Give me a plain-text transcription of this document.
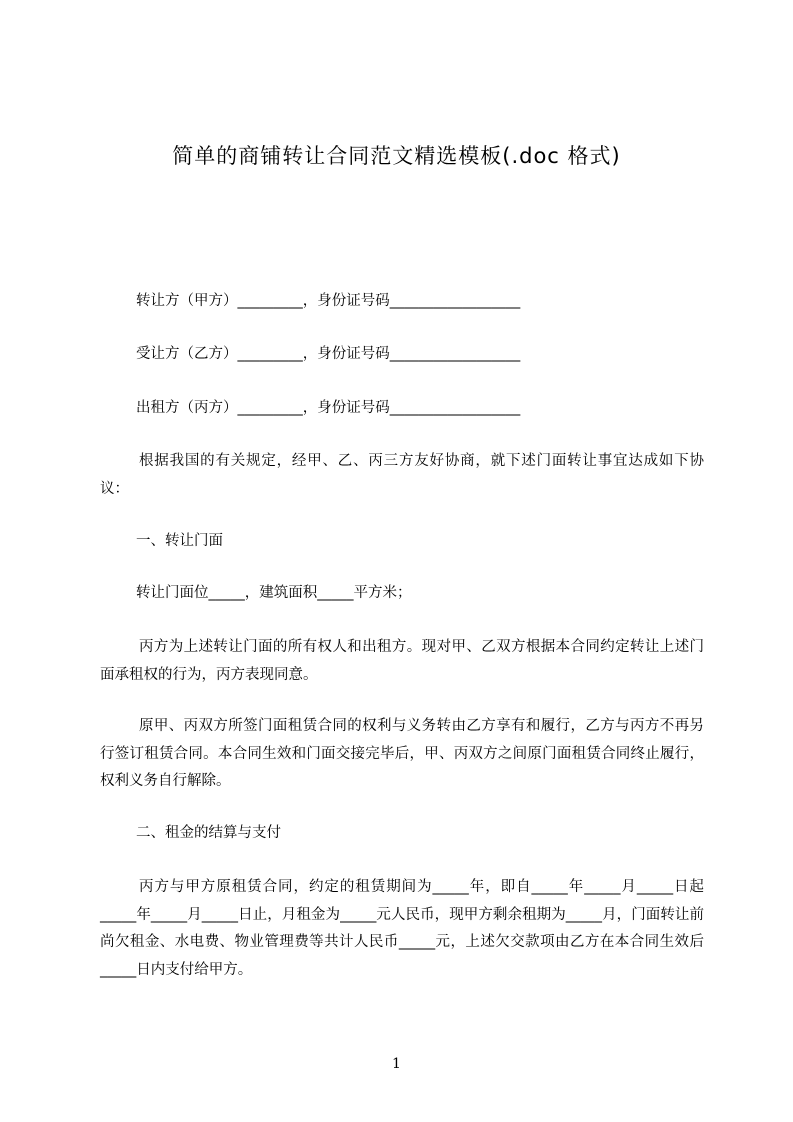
简单的商铺转让合同范文精选模板(.doc 格式)
转让方（甲方）_________，身份证号码__________________
受让方（乙方）_________，身份证号码__________________
出租方（丙方）_________，身份证号码__________________
根据我国的有关规定，经甲、乙、丙三方友好协商，就下述门面转让事宜达成如下协议：
一、转让门面
转让门面位_____，建筑面积_____平方米；
丙方为上述转让门面的所有权人和出租方。现对甲、乙双方根据本合同约定转让上述门面承租权的行为，丙方表现同意。
原甲、丙双方所签门面租赁合同的权利与义务转由乙方享有和履行，乙方与丙方不再另行签订租赁合同。本合同生效和门面交接完毕后，甲、丙双方之间原门面租赁合同终止履行，权利义务自行解除。
二、租金的结算与支付
丙方与甲方原租赁合同，约定的租赁期间为_____年，即自_____年_____月_____日起_____年_____月_____日止，月租金为_____元人民币，现甲方剩余租期为_____月，门面转让前尚欠租金、水电费、物业管理费等共计人民币_____元，上述欠交款项由乙方在本合同生效后_____日内支付给甲方。
1
